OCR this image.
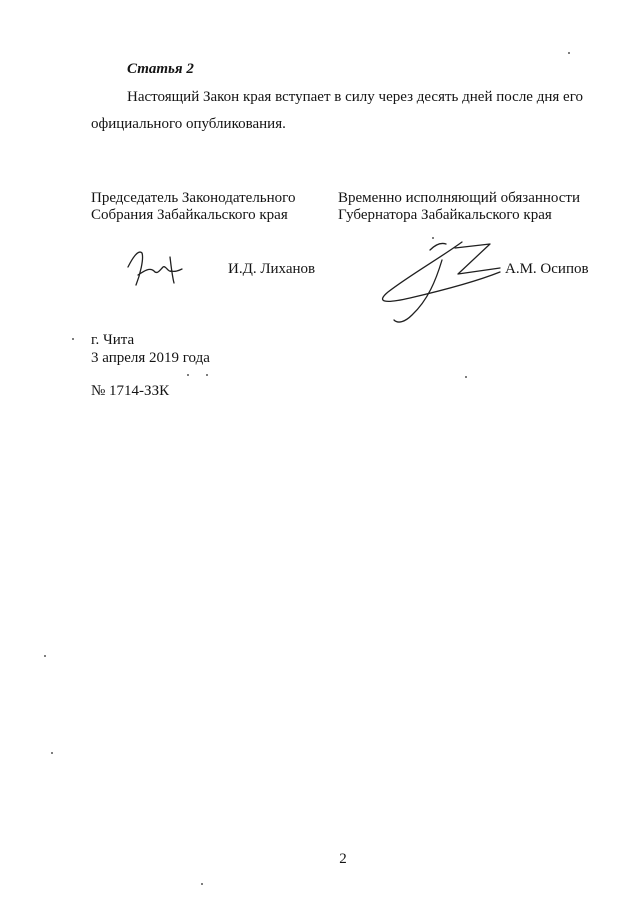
Статья 2
Настоящий Закон края вступает в силу через десять дней после дня его официального опубликования.
Председатель Законодательного
Собрания Забайкальского края
Временно исполняющий обязанности
Губернатора Забайкальского края
И.Д. Лиханов	А.М. Осипов
г. Чита
3 апреля 2019 года
№ 1714-ЗЗК
2
